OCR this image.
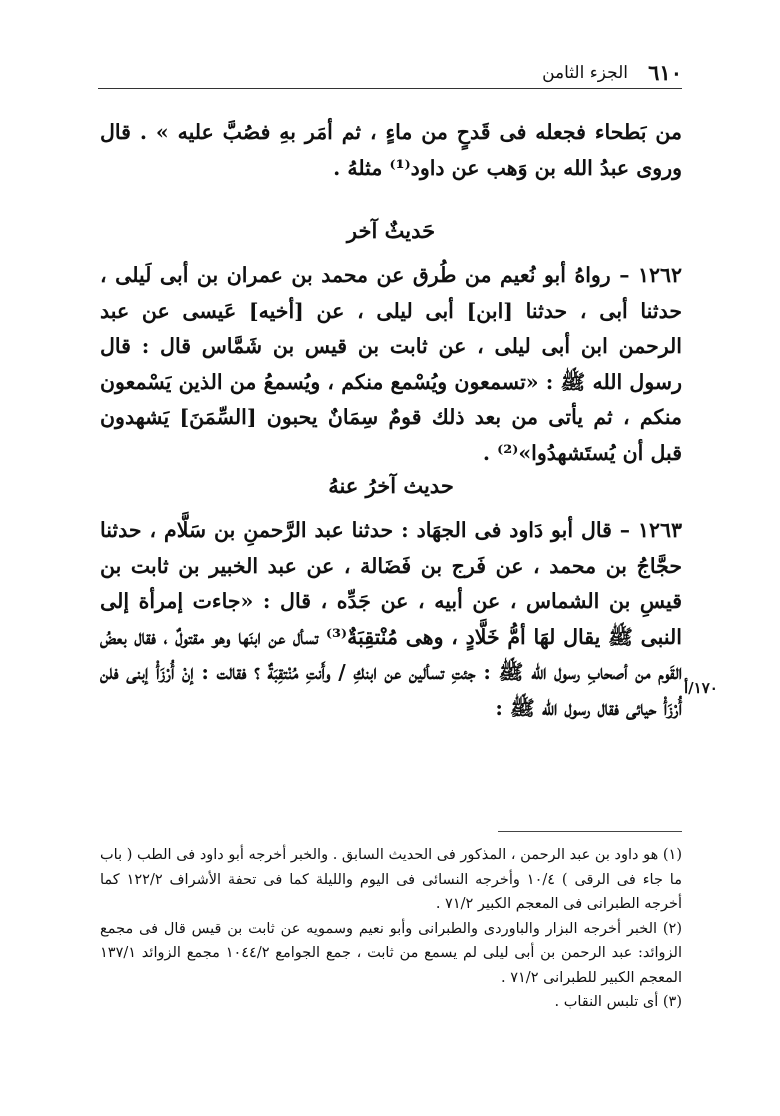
٦١٠
الجزء الثامن

من بَطحاء فجعله فى قَدحٍ من ماءٍ ، ثم أمَر بهِ فصُبَّ عليه » . قال وروى عبدُ الله بن وَهب عن داود⁽¹⁾ مثلهُ .

حَديثٌ آخر

١٢٦٢ – رواهُ أبو نُعيم من طُرق عن محمد بن عمران بن أبى لَيلى ، حدثنا أبى ، حدثنا [ابن] أبى ليلى ، عن [أخيه] عَيسى عن عبد الرحمن ابن أبى ليلى ، عن ثابت بن قيس بن شَمَّاس قال : قال رسول الله ﷺ : «تسمعون ويُسْمع منكم ، ويُسمعُ من الذين يَسْمعون منكم ، ثم يأتى من بعد ذلك قومٌ سِمَانٌ يحبون [السِّمَنَ] يَشهدون قبل أن يُستَشهدُوا»⁽²⁾ .

حديث آخرُ عنهُ

١٢٦٣ – قال أبو دَاود فى الجهَاد : حدثنا عبد الرَّحمنِ بن سَلَّام ، حدثنا حجَّاجُ بن محمد ، عن فَرج بن فَضَالة ، عن عبد الخبير بن ثابت بن قيسِ بن الشماس ، عن أبيه ، عن جَدِّه ، قال : «جاءت إمرأة إلى النبى ﷺ يقال لهَا أمُّ خَلَّادٍ ، وهى مُنْتقِبَةٌ⁽³⁾ تسأل عن ابنَها وهو مقتولٌ ، فقال بعضُ القَوم من أصحابِ رسول الله ﷺ : جئتِ تسألين عن ابنكِ / وأَنتِ مُنْتقِبَةٌ ؟ فقالت : إنْ أُرْزَأْ إبنى فلن أُرْزَأْ حيائى فقال رسول الله ﷺ :

١٧٠/أ

(١) هو داود بن عبد الرحمن ، المذكور فى الحديث السابق . والخبر أخرجه أبو داود فى الطب ( باب ما جاء فى الرقى ) ١٠/٤ وأخرجه النسائى فى اليوم والليلة كما فى تحفة الأشراف ١٢٢/٢ كما أخرجه الطبرانى فى المعجم الكبير ٧١/٢ .

(٢) الخبر أخرجه البزار والباوردى والطبرانى وأبو نعيم وسمويه عن ثابت بن قيس قال فى مجمع الزوائد: عبد الرحمن بن أبى ليلى لم يسمع من ثابت ، جمع الجوامع ١٠٤٤/٢ مجمع الزوائد ١٣٧/١ المعجم الكبير للطبرانى ٧١/٢ .

(٣) أى تلبس النقاب .
